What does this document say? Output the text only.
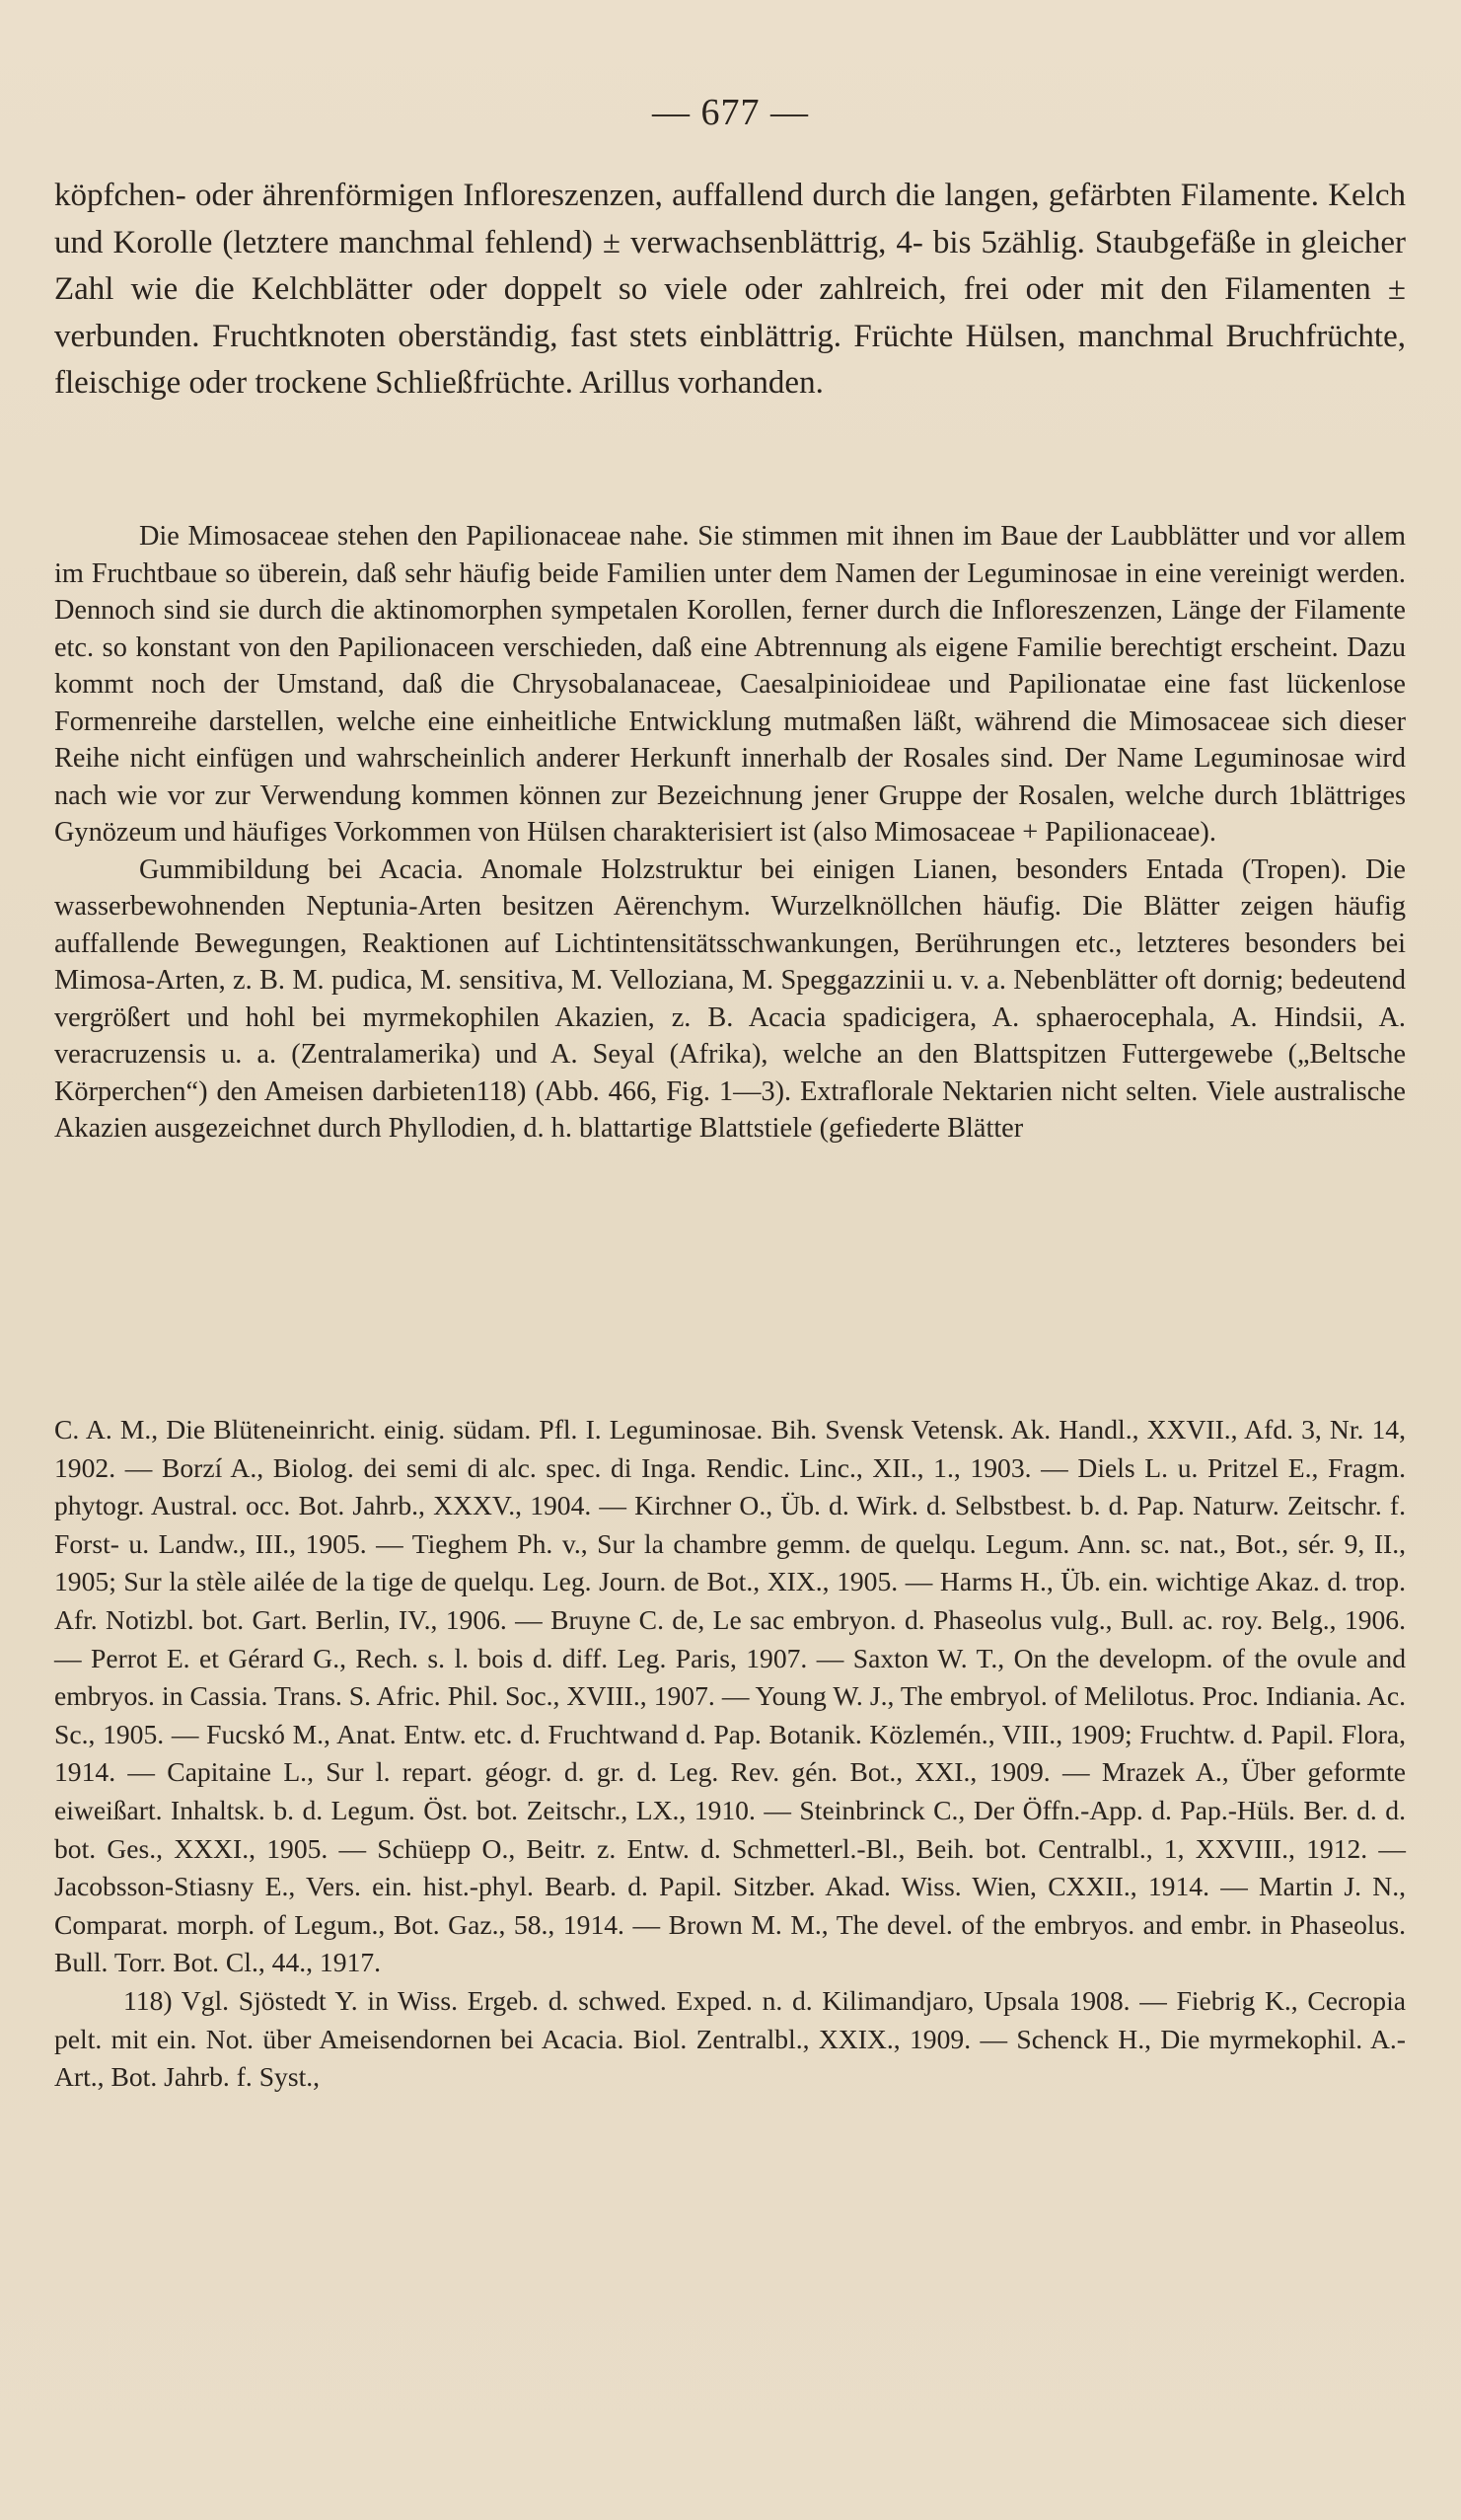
— 677 —

köpfchen- oder ährenförmigen Infloreszenzen, auffallend durch die langen, gefärbten Filamente. Kelch und Korolle (letztere manchmal fehlend) ± verwachsenblättrig, 4- bis 5zählig. Staubgefäße in gleicher Zahl wie die Kelchblätter oder doppelt so viele oder zahlreich, frei oder mit den Filamenten ± verbunden. Fruchtknoten oberständig, fast stets einblättrig. Früchte Hülsen, manchmal Bruchfrüchte, fleischige oder trockene Schließfrüchte. Arillus vorhanden.

Die Mimosaceae stehen den Papilionaceae nahe. Sie stimmen mit ihnen im Baue der Laubblätter und vor allem im Fruchtbaue so überein, daß sehr häufig beide Familien unter dem Namen der Leguminosae in eine vereinigt werden. Dennoch sind sie durch die aktinomorphen sympetalen Korollen, ferner durch die Infloreszenzen, Länge der Filamente etc. so konstant von den Papilionaceen verschieden, daß eine Abtrennung als eigene Familie berechtigt erscheint. Dazu kommt noch der Umstand, daß die Chrysobalanaceae, Caesalpinioideae und Papilionatae eine fast lückenlose Formenreihe darstellen, welche eine einheitliche Entwicklung mutmaßen läßt, während die Mimosaceae sich dieser Reihe nicht einfügen und wahrscheinlich anderer Herkunft innerhalb der Rosales sind. Der Name Leguminosae wird nach wie vor zur Verwendung kommen können zur Bezeichnung jener Gruppe der Rosalen, welche durch 1blättriges Gynözeum und häufiges Vorkommen von Hülsen charakterisiert ist (also Mimosaceae + Papilionaceae).

Gummibildung bei Acacia. Anomale Holzstruktur bei einigen Lianen, besonders Entada (Tropen). Die wasserbewohnenden Neptunia-Arten besitzen Aërenchym. Wurzelknöllchen häufig. Die Blätter zeigen häufig auffallende Bewegungen, Reaktionen auf Lichtintensitätsschwankungen, Berührungen etc., letzteres besonders bei Mimosa-Arten, z. B. M. pudica, M. sensitiva, M. Velloziana, M. Speggazzinii u. v. a. Nebenblätter oft dornig; bedeutend vergrößert und hohl bei myrmekophilen Akazien, z. B. Acacia spadicigera, A. sphaerocephala, A. Hindsii, A. veracruzensis u. a. (Zentralamerika) und A. Seyal (Afrika), welche an den Blattspitzen Futtergewebe („Beltsche Körperchen“) den Ameisen darbieten118) (Abb. 466, Fig. 1—3). Extraflorale Nektarien nicht selten. Viele australische Akazien ausgezeichnet durch Phyllodien, d. h. blattartige Blattstiele (gefiederte Blätter

C. A. M., Die Blüteneinricht. einig. südam. Pfl. I. Leguminosae. Bih. Svensk Vetensk. Ak. Handl., XXVII., Afd. 3, Nr. 14, 1902. — Borzí A., Biolog. dei semi di alc. spec. di Inga. Rendic. Linc., XII., 1., 1903. — Diels L. u. Pritzel E., Fragm. phytogr. Austral. occ. Bot. Jahrb., XXXV., 1904. — Kirchner O., Üb. d. Wirk. d. Selbstbest. b. d. Pap. Naturw. Zeitschr. f. Forst- u. Landw., III., 1905. — Tieghem Ph. v., Sur la chambre gemm. de quelqu. Legum. Ann. sc. nat., Bot., sér. 9, II., 1905; Sur la stèle ailée de la tige de quelqu. Leg. Journ. de Bot., XIX., 1905. — Harms H., Üb. ein. wichtige Akaz. d. trop. Afr. Notizbl. bot. Gart. Berlin, IV., 1906. — Bruyne C. de, Le sac embryon. d. Phaseolus vulg., Bull. ac. roy. Belg., 1906. — Perrot E. et Gérard G., Rech. s. l. bois d. diff. Leg. Paris, 1907. — Saxton W. T., On the developm. of the ovule and embryos. in Cassia. Trans. S. Afric. Phil. Soc., XVIII., 1907. — Young W. J., The embryol. of Melilotus. Proc. Indiania. Ac. Sc., 1905. — Fucskó M., Anat. Entw. etc. d. Fruchtwand d. Pap. Botanik. Közlemén., VIII., 1909; Fruchtw. d. Papil. Flora, 1914. — Capitaine L., Sur l. repart. géogr. d. gr. d. Leg. Rev. gén. Bot., XXI., 1909. — Mrazek A., Über geformte eiweißart. Inhaltsk. b. d. Legum. Öst. bot. Zeitschr., LX., 1910. — Steinbrinck C., Der Öffn.-App. d. Pap.-Hüls. Ber. d. d. bot. Ges., XXXI., 1905. — Schüepp O., Beitr. z. Entw. d. Schmetterl.-Bl., Beih. bot. Centralbl., 1, XXVIII., 1912. — Jacobsson-Stiasny E., Vers. ein. hist.-phyl. Bearb. d. Papil. Sitzber. Akad. Wiss. Wien, CXXII., 1914. — Martin J. N., Comparat. morph. of Legum., Bot. Gaz., 58., 1914. — Brown M. M., The devel. of the embryos. and embr. in Phaseolus. Bull. Torr. Bot. Cl., 44., 1917.

118) Vgl. Sjöstedt Y. in Wiss. Ergeb. d. schwed. Exped. n. d. Kilimandjaro, Upsala 1908. — Fiebrig K., Cecropia pelt. mit ein. Not. über Ameisendornen bei Acacia. Biol. Zentralbl., XXIX., 1909. — Schenck H., Die myrmekophil. A.-Art., Bot. Jahrb. f. Syst.,
